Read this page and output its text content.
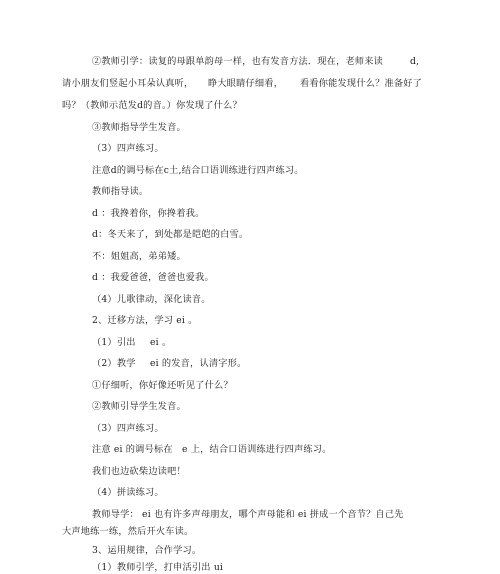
②教师引学：读复的母跟单韵母一样，也有发音方法．现在，老师来读	d,
请小朋友们竖起小耳朵认真听， 睁大眼睛仔细看， 看看你能发现什么？准备好了
吗？（教师示范发d的音。）你发现了什么？
③教师指导学生发音。
（3）四声练习。
注意d的调号标在c土,结合口语训练进行四声练习。
教师指导读。
d ：我搀着你，你搀着我。
d：冬天来了，到处都是皑皑的白雪。
不：姐姐高，弟弟矮。
d ：我爱爸爸，爸爸也爱我。
（4）儿歌律动，深化读音。
2、迁移方法，学习 ei 。
（1）引出 ei 。
（2）教学 ei 的发音，认清字形。
①仔细听，你好像还听见了什么？
②教师引导学生发音。
（3）四声练习。
注意 ei 的调号标在 e 上，结合口语训练进行四声练习。
我们也边砍柴边读吧！
（4）拼读练习。
教师导学： ei 也有许多声母朋友，哪个声母能和 ei 拼成一个音节？自己先
大声地练一练，然后开火车读。
3、运用规律，合作学习。
（1）教师引学，打申活引出 ui
